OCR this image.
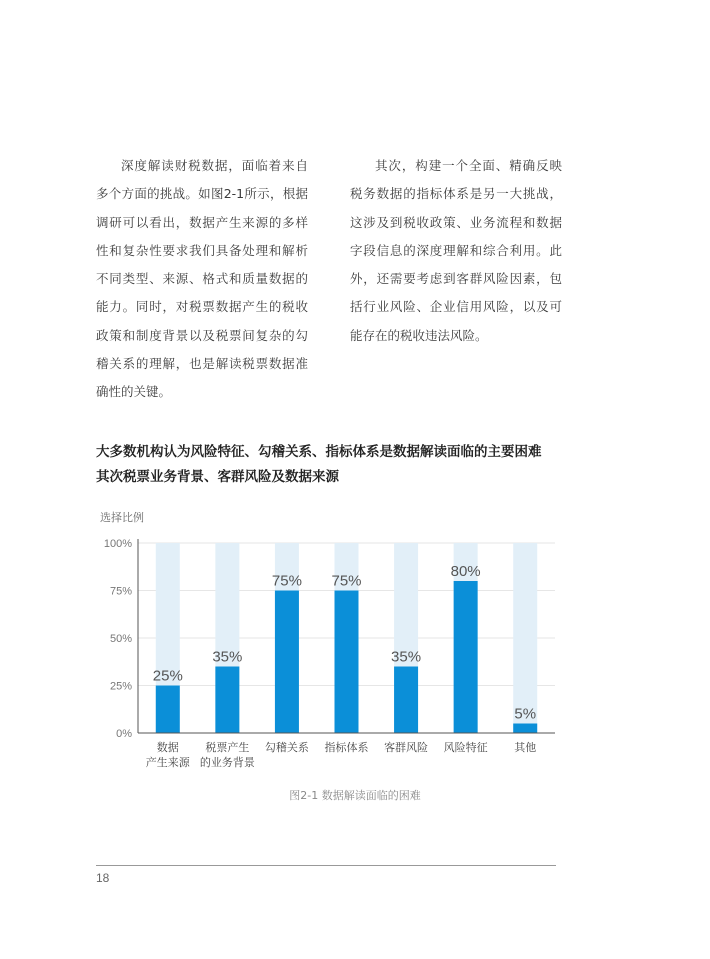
深度解读财税数据，面临着来自多个方面的挑战。如图2-1所示，根据调研可以看出，数据产生来源的多样性和复杂性要求我们具备处理和解析不同类型、来源、格式和质量数据的能力。同时，对税票数据产生的税收政策和制度背景以及税票间复杂的勾稽关系的理解，也是解读税票数据准确性的关键。

其次，构建一个全面、精确反映税务数据的指标体系是另一大挑战，这涉及到税收政策、业务流程和数据字段信息的深度理解和综合利用。此外，还需要考虑到客群风险因素，包括行业风险、企业信用风险，以及可能存在的税收违法风险。

大多数机构认为风险特征、勾稽关系、指标体系是数据解读面临的主要困难
其次税票业务背景、客群风险及数据来源
选择比例
0%
25%
50%
75%
100%
25%
数据
产生来源
35%
税票产生
的业务背景
75%
勾稽关系
75%
指标体系
35%
客群风险
80%
风险特征
5%
其他
图2-1 数据解读面临的困难
18
